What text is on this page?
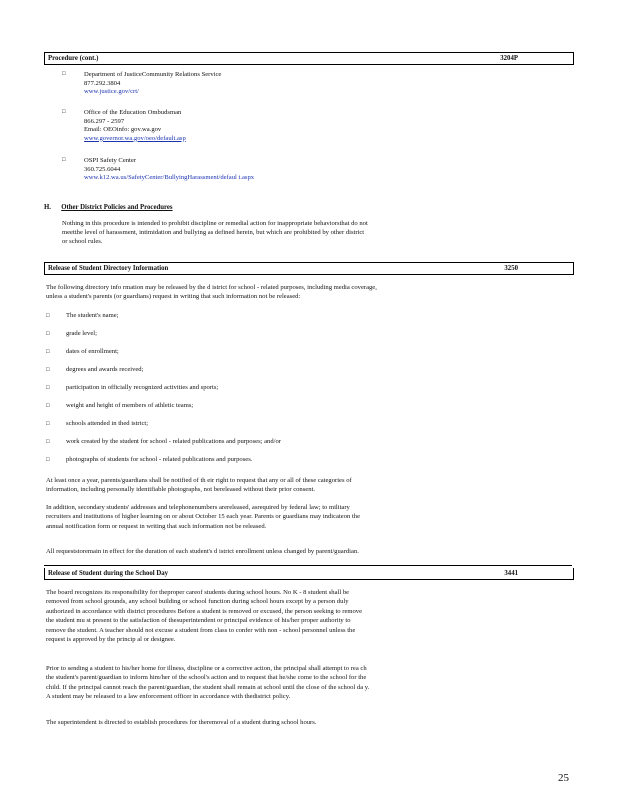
Procedure (cont.)	3204P
□	Department of JusticeCommunity Relations Service
877.292.3804
www.justice.gov/crt/
□	Office of the Education Ombudsman
866.297 - 2597
Email: OEOinfo: gov.wa.gov
www.governor.wa.gov/oeo/default.asp
□	OSPI Safety Center
360.725.6044
www.k12.wa.us/SafetyCenter/BullyingHarassment/defaul t.aspx
H. Other District Policies and Procedures
Nothing in this procedure is intended to prohibit discipline or remedial action for inappropriate behaviorsthat do not
meetthe level of harassment, intimidation and bullying as defined herein, but which are prohibited by other district
or school rules.
Release of Student Directory Information	3250
The following directory info rmation may be released by the d istrict for school - related purposes, including media coverage,
unless a student's parents (or guardians) request in writing that such information not be released:
□ The student's name;
□ grade level;
□ dates of enrollment;
□ degrees and awards received;
□ participation in officially recognized activities and sports;
□ weight and height of members of athletic teams;
□ schools attended in thed istrict;
□ work created by the student for school - related publications and purposes; and/or
□ photographs of students for school - related publications and purposes.
At least once a year, parents/guardians shall be notified of th eir right to request that any or all of these categories of
information, including personally identifiable photographs, not bereleased without their prior consent.
In addition, secondary students' addresses and telephonenumbers arereleased, asrequired by federal law; to military
recruiters and institutions of higher learning on or about October 15 each year. Parents or guardians may indicateon the
annual notification form or request in writing that such information not be released.
All requeststoremain in effect for the duration of each student's d istrict enrollment unless changed by parent/guardian.
Release of Student during the School Day	3441
The board recognizes its responsibility for theproper careof students during school hours. No K - 8 student shall be
removed from school grounds, any school building or school function during school hours except by a person duly
authorized in accordance with district procedures Before a student is removed or excused, the person seeking to remove
the student mu st present to the satisfaction of thesuperintendent or principal evidence of his/her proper authority to
remove the student. A teacher should not excuse a student from class to confer with non - school personnel unless the
request is approved by the princip al or designee.
Prior to sending a student to his/her home for illness, discipline or a corrective action, the principal shall attempt to rea ch
the student's parent/guardian to inform him/her of the school's action and to request that he/she come to the school for the
child. If the principal cannot reach the parent/guardian, the student shall remain at school until the close of the school da y.
A student may be released to a law enforcement officer in accordance with thedistrict policy.
The superintendent is directed to establish procedures for theremoval of a student during school hours.
25
